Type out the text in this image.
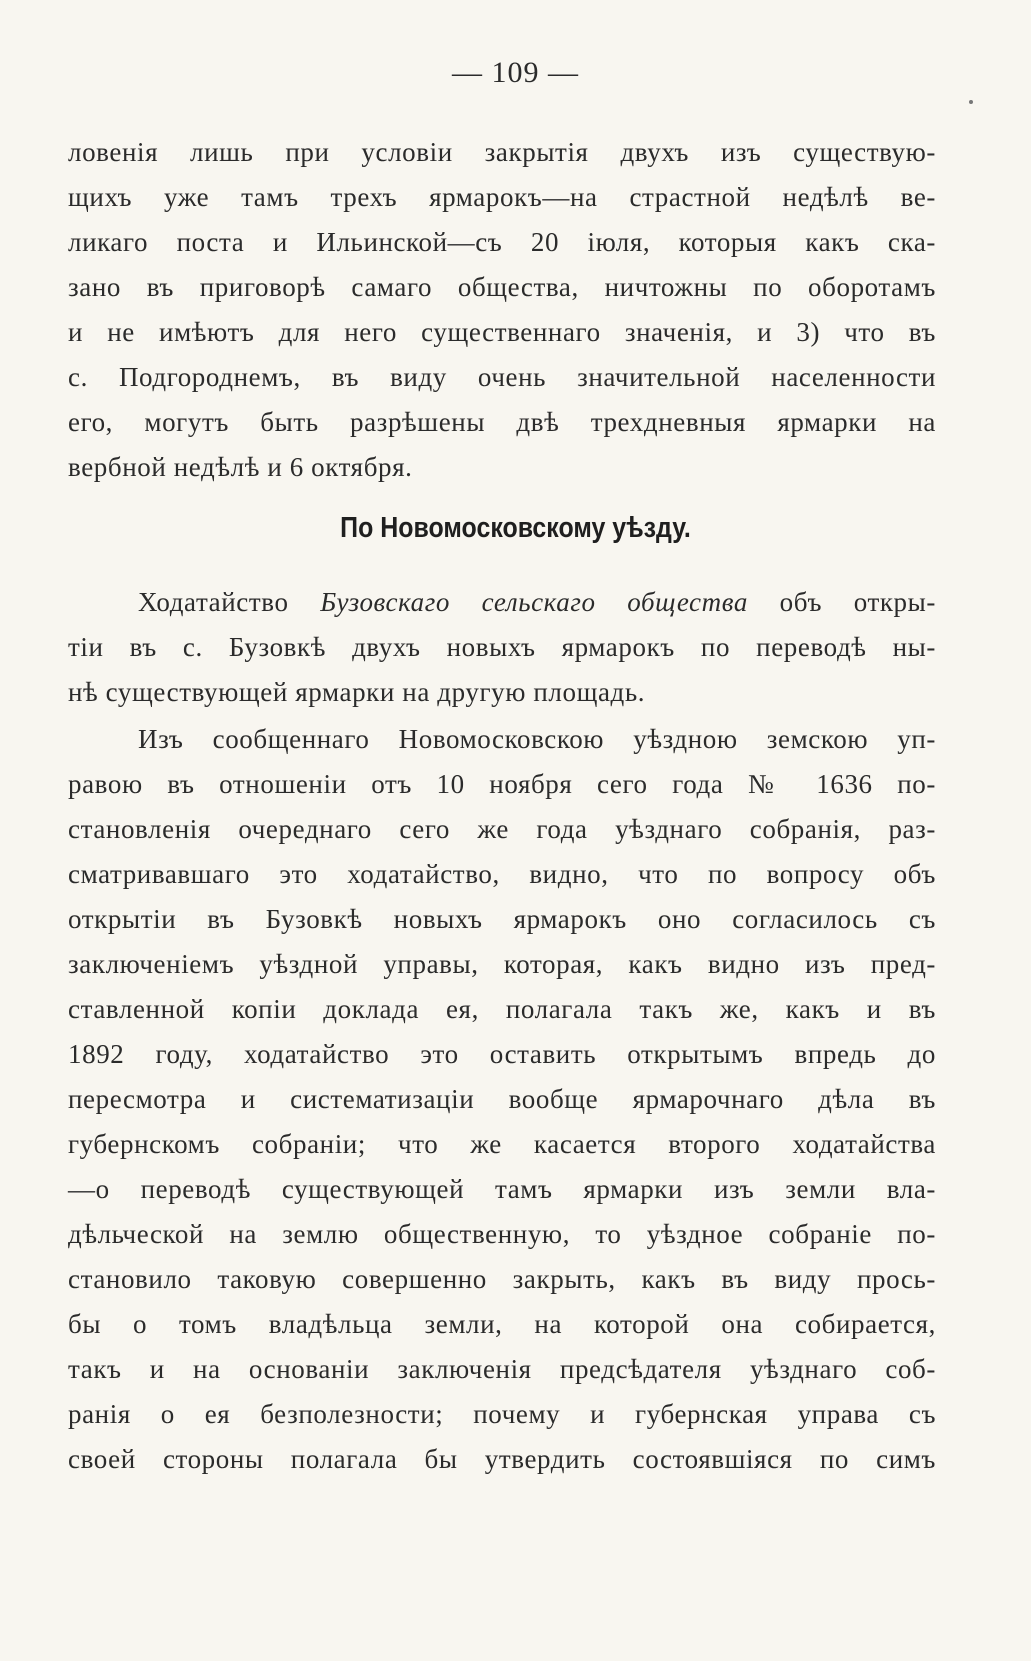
— 109 —
ловенія лишь при условіи закрытія двухъ изъ существую-
щихъ уже тамъ трехъ ярмарокъ—на страстной недѣлѣ ве-
ликаго поста и Ильинской—съ 20 іюля, которыя какъ ска-
зано въ приговорѣ самаго общества, ничтожны по оборотамъ
и не имѣютъ для него существеннаго значенія, и 3) что въ
с. Подгороднемъ, въ виду очень значительной населенности
его, могутъ быть разрѣшены двѣ трехдневныя ярмарки на
вербной недѣлѣ и 6 октября.
По Новомосковскому уѣзду.
Ходатайство Бузовскаго сельскаго общества объ откры-
тіи въ с. Бузовкѣ двухъ новыхъ ярмарокъ по переводѣ ны-
нѣ существующей ярмарки на другую площадь.
Изъ сообщеннаго Новомосковскою уѣздною земскою уп-
равою въ отношеніи отъ 10 ноября сего года № 1636 по-
становленія очереднаго сего же года уѣзднаго собранія, раз-
сматривавшаго это ходатайство, видно, что по вопросу объ
открытіи въ Бузовкѣ новыхъ ярмарокъ оно согласилось съ
заключеніемъ уѣздной управы, которая, какъ видно изъ пред-
ставленной копіи доклада ея, полагала такъ же, какъ и въ
1892 году, ходатайство это оставить открытымъ впредь до
пересмотра и систематизаціи вообще ярмарочнаго дѣла въ
губернскомъ собраніи; что же касается второго ходатайства
—о переводѣ существующей тамъ ярмарки изъ земли вла-
дѣльческой на землю общественную, то уѣздное собраніе по-
становило таковую совершенно закрыть, какъ въ виду прось-
бы о томъ владѣльца земли, на которой она собирается,
такъ и на основаніи заключенія предсѣдателя уѣзднаго соб-
ранія о ея безполезности; почему и губернская управа съ
своей стороны полагала бы утвердить состоявшіяся по симъ
